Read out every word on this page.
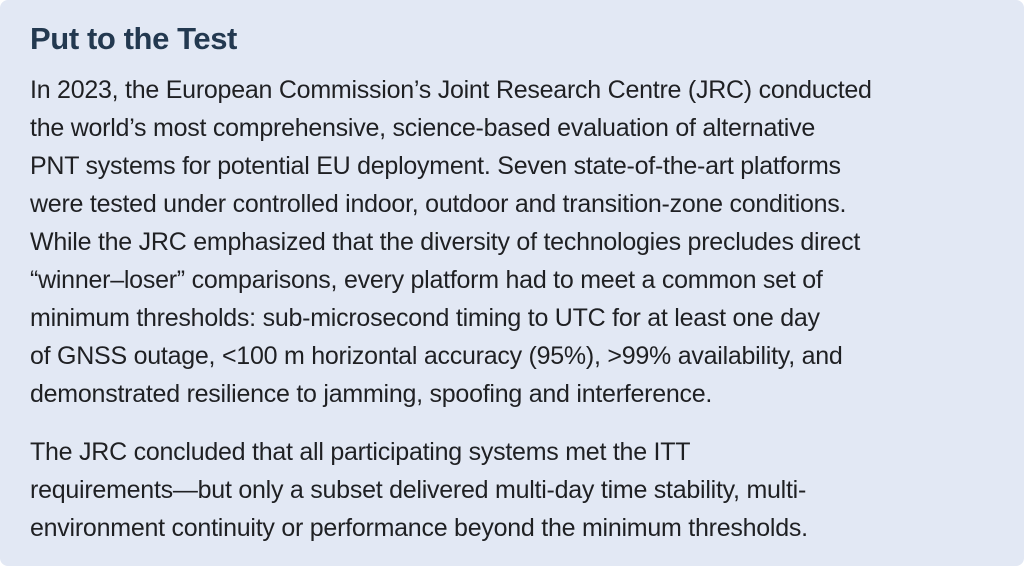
Put to the Test
In 2023, the European Commission’s Joint Research Centre (JRC) conducted
the world’s most comprehensive, science-based evaluation of alternative
PNT systems for potential EU deployment. Seven state-of-the-art platforms
were tested under controlled indoor, outdoor and transition-zone conditions.
While the JRC emphasized that the diversity of technologies precludes direct
“winner–loser” comparisons, every platform had to meet a common set of
minimum thresholds: sub-microsecond timing to UTC for at least one day
of GNSS outage, <100 m horizontal accuracy (95%), >99% availability, and
demonstrated resilience to jamming, spoofing and interference.
The JRC concluded that all participating systems met the ITT
requirements—but only a subset delivered multi-day time stability, multi-
environment continuity or performance beyond the minimum thresholds.
